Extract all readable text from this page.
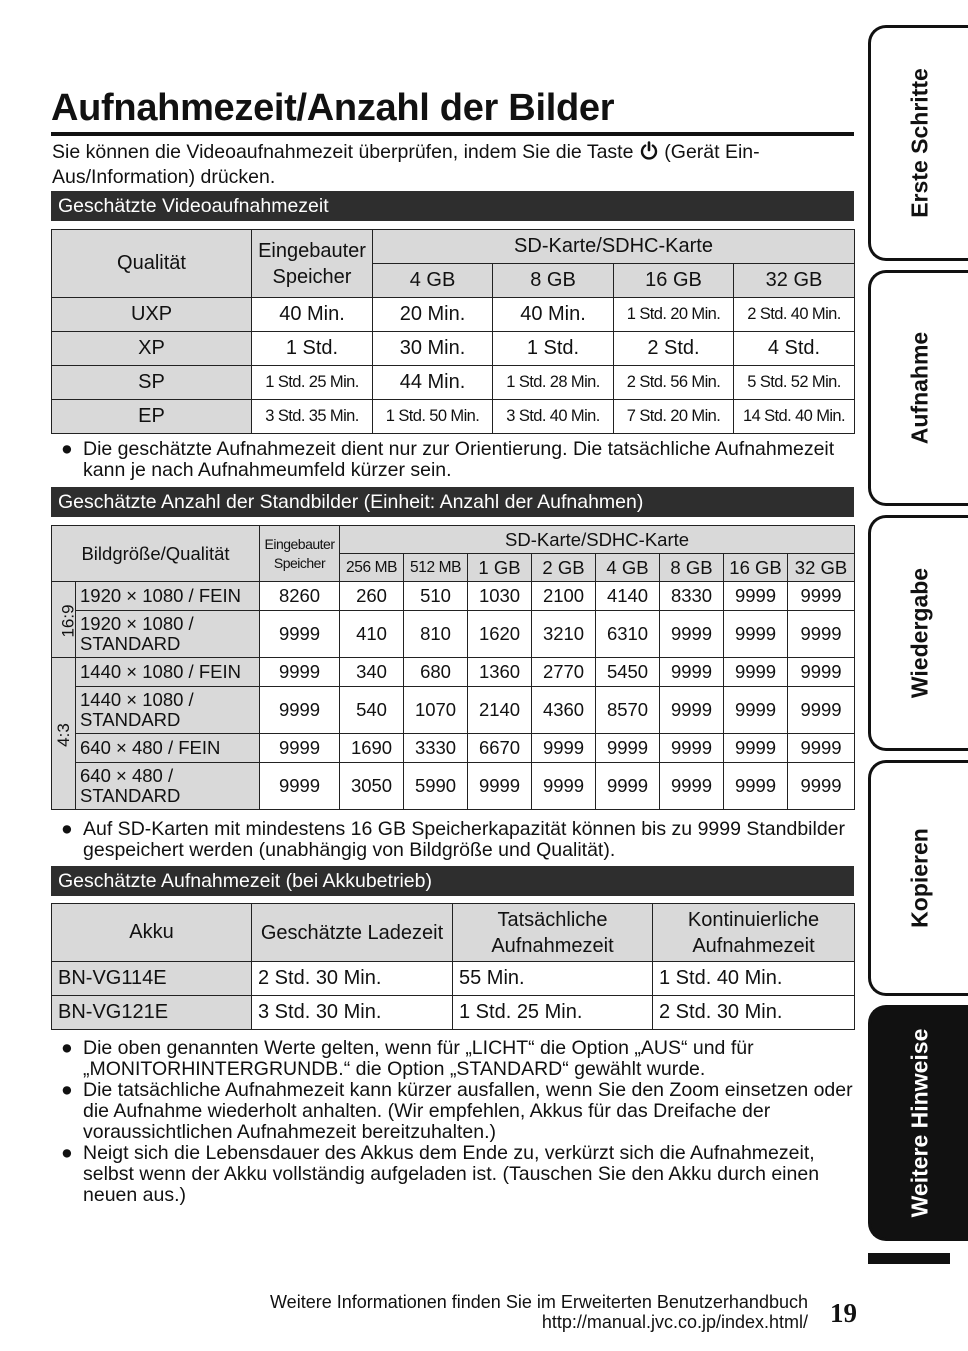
Aufnahmezeit/Anzahl der Bilder
Sie können die Videoaufnahmezeit überprüfen, indem Sie die Taste  (Gerät Ein-Aus/Information) drücken.
Geschätzte Videoaufnahmezeit
Qualität	Eingebauter Speicher	SD-Karte/SDHC-Karte			
		4 GB	8 GB	16 GB	32 GB
UXP	40 Min.	20 Min.	40 Min.	1 Std. 20 Min.	2 Std. 40 Min.
XP	1 Std.	30 Min.	1 Std.	2 Std.	4 Std.
SP	1 Std. 25 Min.	44 Min.	1 Std. 28 Min.	2 Std. 56 Min.	5 Std. 52 Min.
EP	3 Std. 35 Min.	1 Std. 50 Min.	3 Std. 40 Min.	7 Std. 20 Min.	14 Std. 40 Min.
● Die geschätzte Aufnahmezeit dient nur zur Orientierung. Die tatsächliche Aufnahmezeit kann je nach Aufnahmeumfeld kürzer sein.
Geschätzte Anzahl der Standbilder (Einheit: Anzahl der Aufnahmen)
Bildgröße/Qualität		Eingebauter Speicher	SD-Karte/SDHC-Karte							
			256 MB	512 MB	1 GB	2 GB	4 GB	8 GB	16 GB	32 GB
16:9	1920 × 1080 / FEIN	8260	260	510	1030	2100	4140	8330	9999	9999
	1920 × 1080 / STANDARD	9999	410	810	1620	3210	6310	9999	9999	9999
4:3	1440 × 1080 / FEIN	9999	340	680	1360	2770	5450	9999	9999	9999
	1440 × 1080 / STANDARD	9999	540	1070	2140	4360	8570	9999	9999	9999
	640 × 480 / FEIN	9999	1690	3330	6670	9999	9999	9999	9999	9999
	640 × 480 / STANDARD	9999	3050	5990	9999	9999	9999	9999	9999	9999
● Auf SD-Karten mit mindestens 16 GB Speicherkapazität können bis zu 9999 Standbilder gespeichert werden (unabhängig von Bildgröße und Qualität).
Geschätzte Aufnahmezeit (bei Akkubetrieb)
Akku	Geschätzte Ladezeit	Tatsächliche Aufnahmezeit	Kontinuierliche Aufnahmezeit
BN-VG114E	2 Std. 30 Min.	55 Min.	1 Std. 40 Min.
BN-VG121E	3 Std. 30 Min.	1 Std. 25 Min.	2 Std. 30 Min.
● Die oben genannten Werte gelten, wenn für „LICHT“ die Option „AUS“ und für „MONITORHINTERGRUNDB.“ die Option „STANDARD“ gewählt wurde.
● Die tatsächliche Aufnahmezeit kann kürzer ausfallen, wenn Sie den Zoom einsetzen oder die Aufnahme wiederholt anhalten. (Wir empfehlen, Akkus für das Dreifache der voraussichtlichen Aufnahmezeit bereitzuhalten.)
● Neigt sich die Lebensdauer des Akkus dem Ende zu, verkürzt sich die Aufnahmezeit, selbst wenn der Akku vollständig aufgeladen ist. (Tauschen Sie den Akku durch einen neuen aus.)
Erste Schritte
Aufnahme
Wiedergabe
Kopieren
Weitere Hinweise
Weitere Informationen finden Sie im Erweiterten Benutzerhandbuch
http://manual.jvc.co.jp/index.html/ 19
